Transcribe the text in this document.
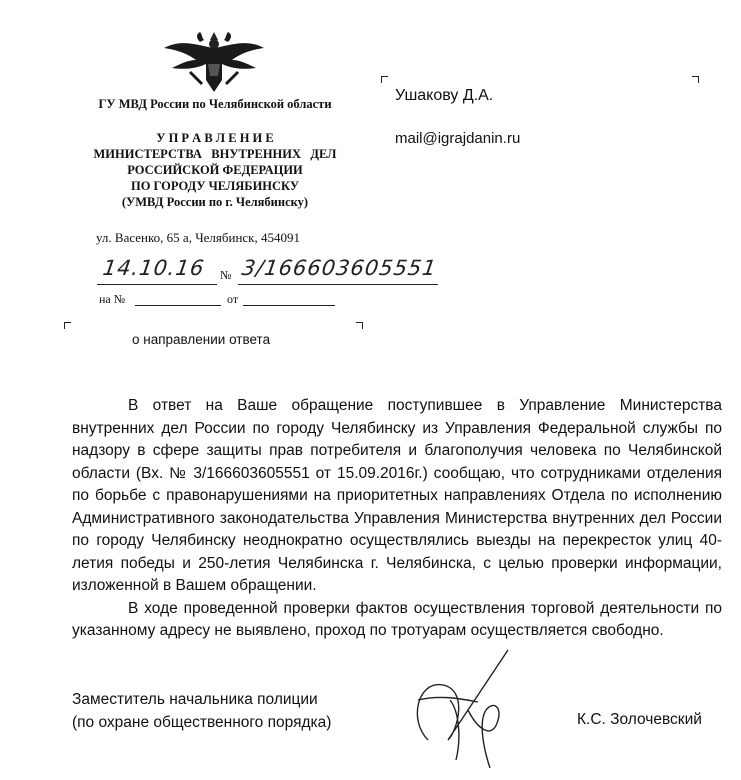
ГУ МВД России по Челябинской области
У П Р А В Л Е Н И Е
МИНИСТЕРСТВА   ВНУТРЕННИХ   ДЕЛ
РОССИЙСКОЙ ФЕДЕРАЦИИ
ПО ГОРОДУ ЧЕЛЯБИНСКУ
(УМВД России по г. Челябинску)
ул. Васенко, 65 а, Челябинск, 454091
14.10.16 № 3/166603605551
на №	от
о направлении ответа
Ушакову Д.А.
mail@igrajdanin.ru

В ответ на Ваше обращение поступившее в Управление Министерства внутренних дел России по городу Челябинску из Управления Федеральной службы по надзору в сфере защиты прав потребителя и благополучия человека по Челябинской области (Вх. № 3/166603605551 от 15.09.2016г.) сообщаю, что сотрудниками отделения по борьбе с правонарушениями на приоритетных направлениях Отдела по исполнению Административного законодательства Управления Министерства внутренних дел России по городу Челябинску неоднократно осуществлялись выезды на перекресток улиц 40-летия победы и 250-летия Челябинска г. Челябинска, с целью проверки информации, изложенной в Вашем обращении.

В ходе проведенной проверки фактов осуществления торговой деятельности по указанному адресу не выявлено, проход по тротуарам осуществляется свободно.

Заместитель начальника полиции
(по охране общественного порядка)	К.С. Золочевский
